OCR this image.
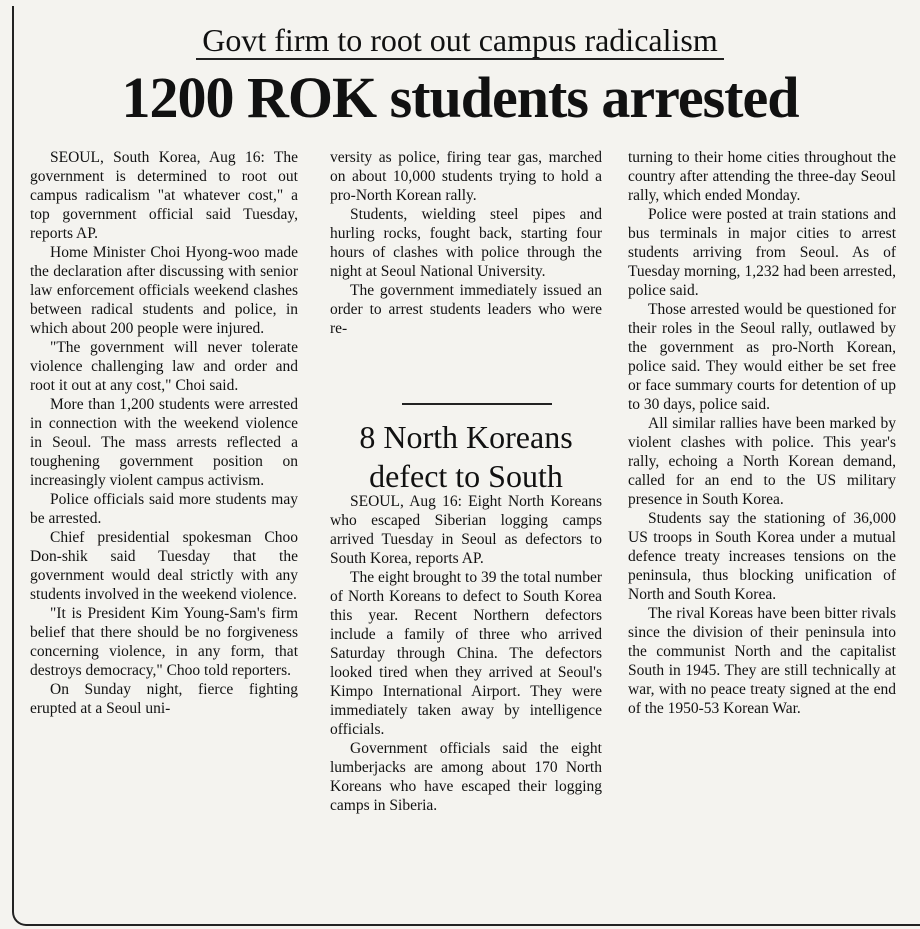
Govt firm to root out campus radicalism
1200 ROK students arrested

SEOUL, South Korea, Aug 16: The government is determined to root out campus radicalism "at whatever cost," a top government official said Tuesday, reports AP.

Home Minister Choi Hyong-woo made the declaration after discussing with senior law enforcement officials weekend clashes between radical students and police, in which about 200 people were injured.

"The government will never tolerate violence challenging law and order and root it out at any cost," Choi said.

More than 1,200 students were arrested in connection with the weekend violence in Seoul. The mass arrests reflected a toughening government position on increasingly violent campus activism.

Police officials said more students may be arrested.

Chief presidential spokesman Choo Don-shik said Tuesday that the government would deal strictly with any students involved in the weekend violence.

"It is President Kim Young-Sam's firm belief that there should be no forgiveness concerning violence, in any form, that destroys democracy," Choo told reporters.

On Sunday night, fierce fighting erupted at a Seoul uni-

versity as police, firing tear gas, marched on about 10,000 students trying to hold a pro-North Korean rally.

Students, wielding steel pipes and hurling rocks, fought back, starting four hours of clashes with police through the night at Seoul National University.

The government immediately issued an order to arrest students leaders who were re-

8 North Koreans defect to South

SEOUL, Aug 16: Eight North Koreans who escaped Siberian logging camps arrived Tuesday in Seoul as defectors to South Korea, reports AP.

The eight brought to 39 the total number of North Koreans to defect to South Korea this year. Recent Northern defectors include a family of three who arrived Saturday through China. The defectors looked tired when they arrived at Seoul's Kimpo International Airport. They were immediately taken away by intelligence officials.

Government officials said the eight lumberjacks are among about 170 North Koreans who have escaped their logging camps in Siberia.

turning to their home cities throughout the country after attending the three-day Seoul rally, which ended Monday.

Police were posted at train stations and bus terminals in major cities to arrest students arriving from Seoul. As of Tuesday morning, 1,232 had been arrested, police said.

Those arrested would be questioned for their roles in the Seoul rally, outlawed by the government as pro-North Korean, police said. They would either be set free or face summary courts for detention of up to 30 days, police said.

All similar rallies have been marked by violent clashes with police. This year's rally, echoing a North Korean demand, called for an end to the US military presence in South Korea.

Students say the stationing of 36,000 US troops in South Korea under a mutual defence treaty increases tensions on the peninsula, thus blocking unification of North and South Korea.

The rival Koreas have been bitter rivals since the division of their peninsula into the communist North and the capitalist South in 1945. They are still technically at war, with no peace treaty signed at the end of the 1950-53 Korean War.
